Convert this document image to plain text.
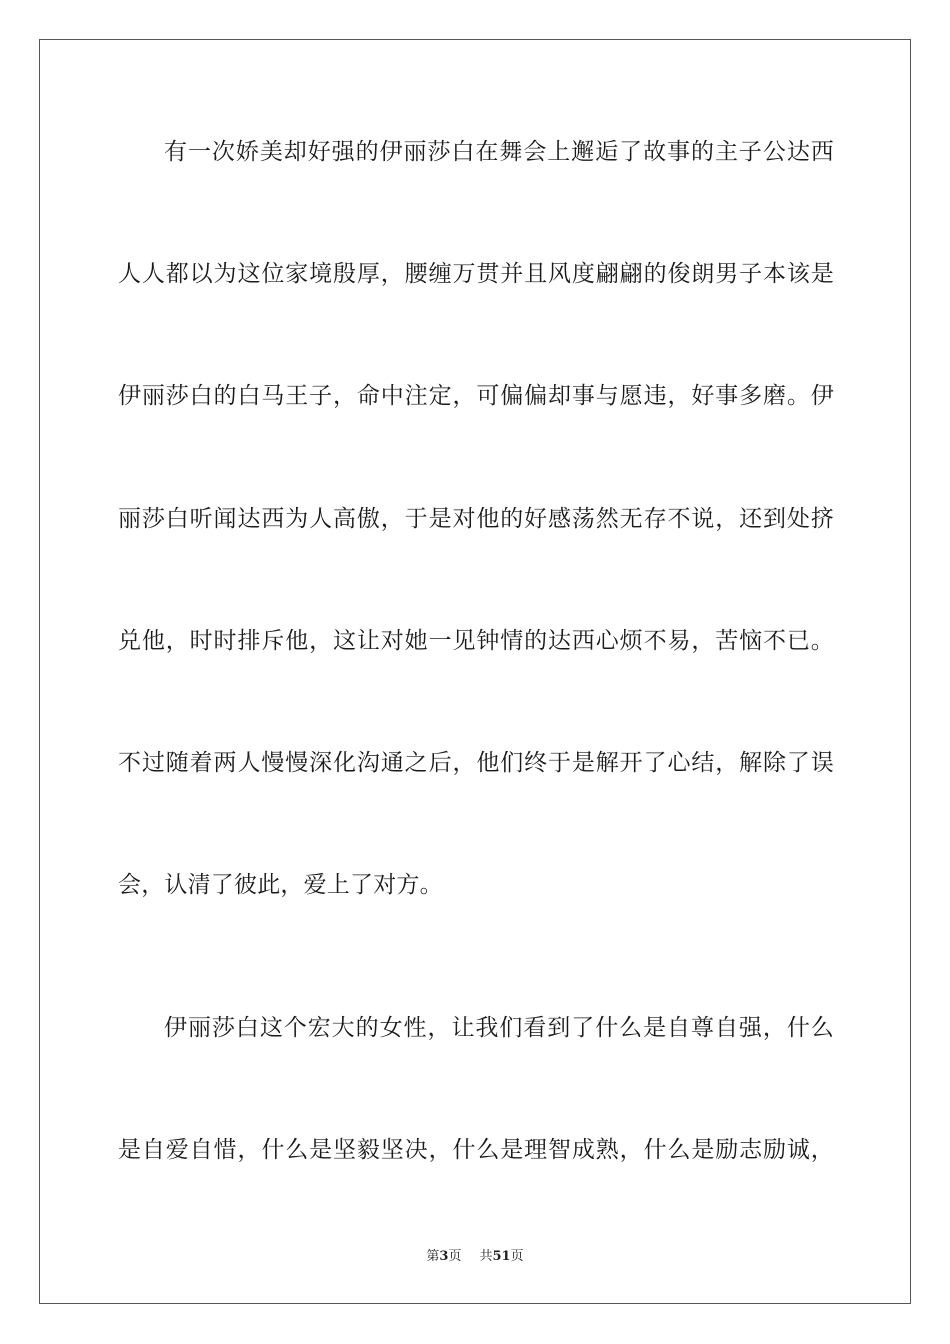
有一次娇美却好强的伊丽莎白在舞会上邂逅了故事的主子公达西
人人都以为这位家境殷厚，腰缠万贯并且风度翩翩的俊朗男子本该是
伊丽莎白的白马王子，命中注定，可偏偏却事与愿违，好事多磨。伊
丽莎白听闻达西为人高傲，于是对他的好感荡然无存不说，还到处挤
兑他，时时排斥他，这让对她一见钟情的达西心烦不易，苦恼不已。
不过随着两人慢慢深化沟通之后，他们终于是解开了心结，解除了误
会，认清了彼此，爱上了对方。
伊丽莎白这个宏大的女性，让我们看到了什么是自尊自强，什么
是自爱自惜，什么是坚毅坚决，什么是理智成熟，什么是励志励诚，
第3页 共51页
